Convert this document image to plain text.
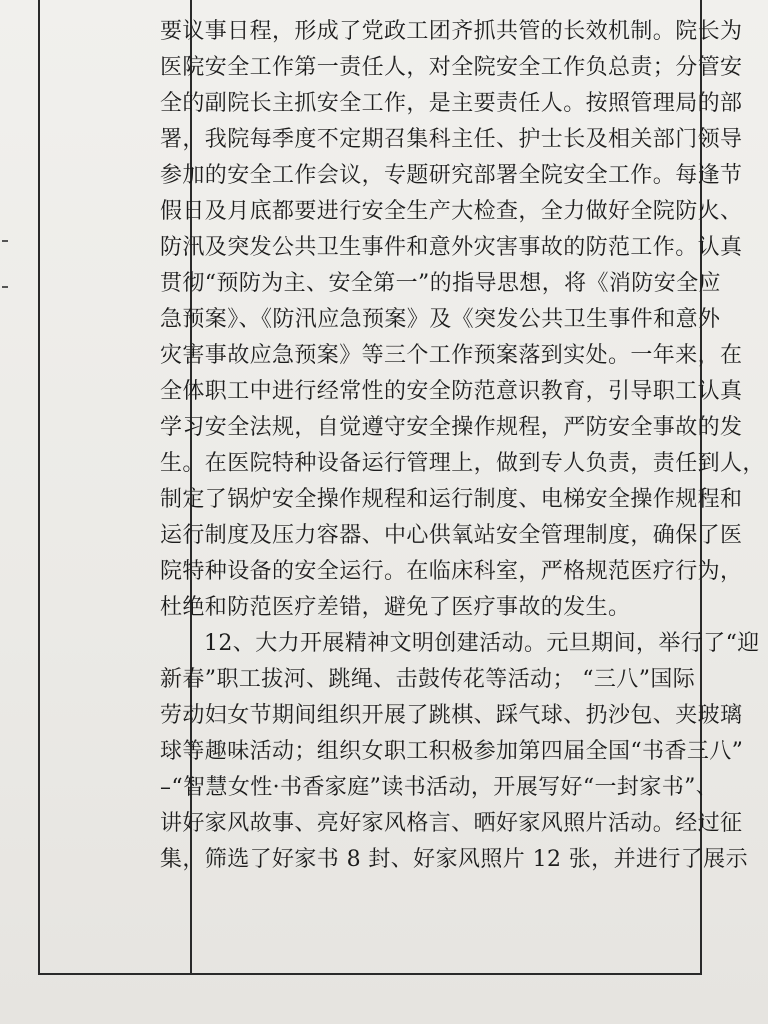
要议事日程，形成了党政工团齐抓共管的长效机制。院长为
医院安全工作第一责任人，对全院安全工作负总责；分管安
全的副院长主抓安全工作，是主要责任人。按照管理局的部
署，我院每季度不定期召集科主任、护士长及相关部门领导
参加的安全工作会议，专题研究部署全院安全工作。每逢节
假日及月底都要进行安全生产大检查，全力做好全院防火、
防汛及突发公共卫生事件和意外灾害事故的防范工作。认真
贯彻“预防为主、安全第一”的指导思想，将《消防安全应
急预案》、《防汛应急预案》及《突发公共卫生事件和意外
灾害事故应急预案》等三个工作预案落到实处。一年来，在
全体职工中进行经常性的安全防范意识教育，引导职工认真
学习安全法规，自觉遵守安全操作规程，严防安全事故的发
生。在医院特种设备运行管理上，做到专人负责，责任到人，
制定了锅炉安全操作规程和运行制度、电梯安全操作规程和
运行制度及压力容器、中心供氧站安全管理制度，确保了医
院特种设备的安全运行。在临床科室，严格规范医疗行为，
杜绝和防范医疗差错，避免了医疗事故的发生。
12、大力开展精神文明创建活动。元旦期间，举行了“迎
新春”职工拔河、跳绳、击鼓传花等活动； “三八”国际
劳动妇女节期间组织开展了跳棋、踩气球、扔沙包、夹玻璃
球等趣味活动；组织女职工积极参加第四届全国“书香三八”
–“智慧女性·书香家庭”读书活动，开展写好“一封家书”、
讲好家风故事、亮好家风格言、晒好家风照片活动。经过征
集，筛选了好家书 8 封、好家风照片 12 张，并进行了展示
